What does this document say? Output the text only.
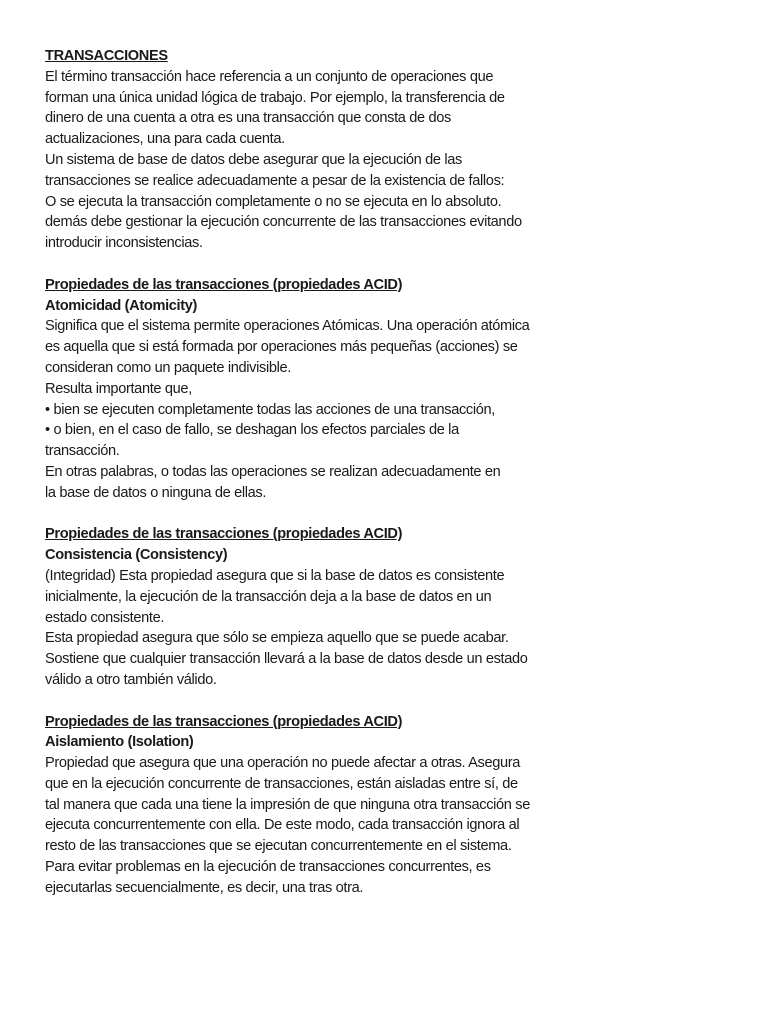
TRANSACCIONES
El término transacción hace referencia a un conjunto de operaciones que
forman una única unidad lógica de trabajo. Por ejemplo, la transferencia de
dinero de una cuenta a otra es una transacción que consta de dos
actualizaciones, una para cada cuenta.
Un sistema de base de datos debe asegurar que la ejecución de las
transacciones se realice adecuadamente a pesar de la existencia de fallos:
O se ejecuta la transacción completamente o no se ejecuta en lo absoluto.
demás debe gestionar la ejecución concurrente de las transacciones evitando
introducir inconsistencias.
Propiedades de las transacciones (propiedades ACID)
Atomicidad (Atomicity)
Significa que el sistema permite operaciones Atómicas. Una operación atómica
es aquella que si está formada por operaciones más pequeñas (acciones) se
consideran como un paquete indivisible.
Resulta importante que,
• bien se ejecuten completamente todas las acciones de una transacción,
• o bien, en el caso de fallo, se deshagan los efectos parciales de la
transacción.
En otras palabras, o todas las operaciones se realizan adecuadamente en
la base de datos o ninguna de ellas.
Propiedades de las transacciones (propiedades ACID)
Consistencia (Consistency)
(Integridad) Esta propiedad asegura que si la base de datos es consistente
inicialmente, la ejecución de la transacción deja a la base de datos en un
estado consistente.
Esta propiedad asegura que sólo se empieza aquello que se puede acabar.
Sostiene que cualquier transacción llevará a la base de datos desde un estado
válido a otro también válido.
Propiedades de las transacciones (propiedades ACID)
Aislamiento (Isolation)
Propiedad que asegura que una operación no puede afectar a otras. Asegura
que en la ejecución concurrente de transacciones, están aisladas entre sí, de
tal manera que cada una tiene la impresión de que ninguna otra transacción se
ejecuta concurrentemente con ella. De este modo, cada transacción ignora al
resto de las transacciones que se ejecutan concurrentemente en el sistema.
Para evitar problemas en la ejecución de transacciones concurrentes, es
ejecutarlas secuencialmente, es decir, una tras otra.
